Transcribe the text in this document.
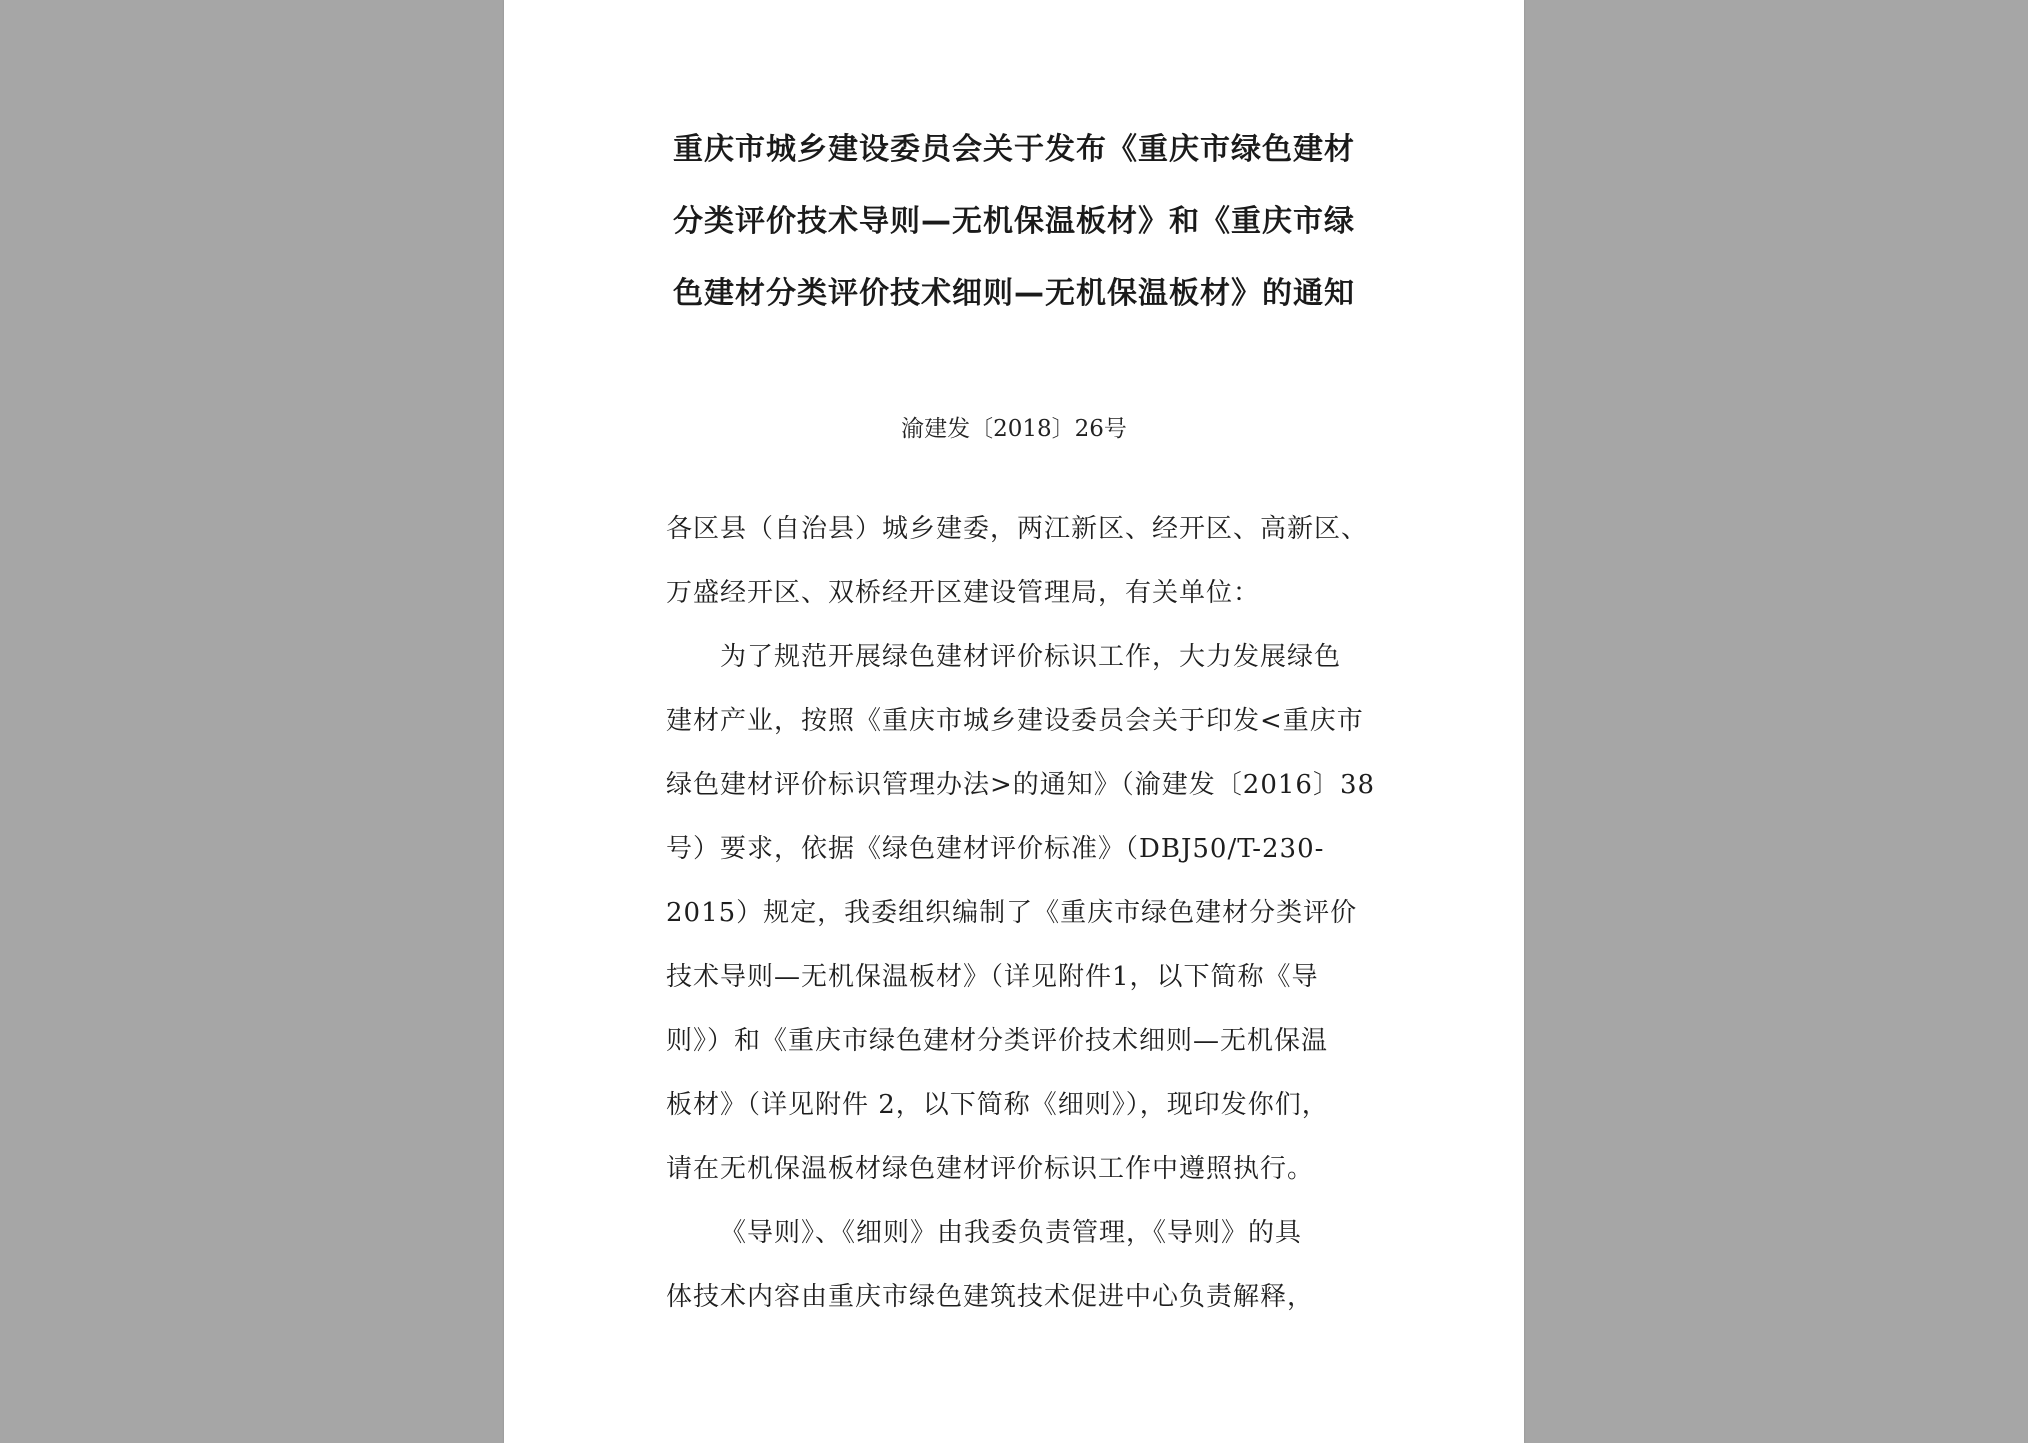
重庆市城乡建设委员会关于发布《重庆市绿色建材
分类评价技术导则—无机保温板材》和《重庆市绿
色建材分类评价技术细则—无机保温板材》的通知
渝建发〔2018〕26号
各区县（自治县）城乡建委，两江新区、经开区、高新区、
万盛经开区、双桥经开区建设管理局，有关单位：
为了规范开展绿色建材评价标识工作，大力发展绿色
建材产业，按照《重庆市城乡建设委员会关于印发<重庆市
绿色建材评价标识管理办法>的通知》（渝建发〔2016〕38
号）要求，依据《绿色建材评价标准》（DBJ50/T-230-
2015）规定，我委组织编制了《重庆市绿色建材分类评价
技术导则—无机保温板材》（详见附件1，以下简称《导
则》）和《重庆市绿色建材分类评价技术细则—无机保温
板材》（详见附件 2，以下简称《细则》），现印发你们，
请在无机保温板材绿色建材评价标识工作中遵照执行。
《导则》、《细则》由我委负责管理，《导则》的具
体技术内容由重庆市绿色建筑技术促进中心负责解释，
